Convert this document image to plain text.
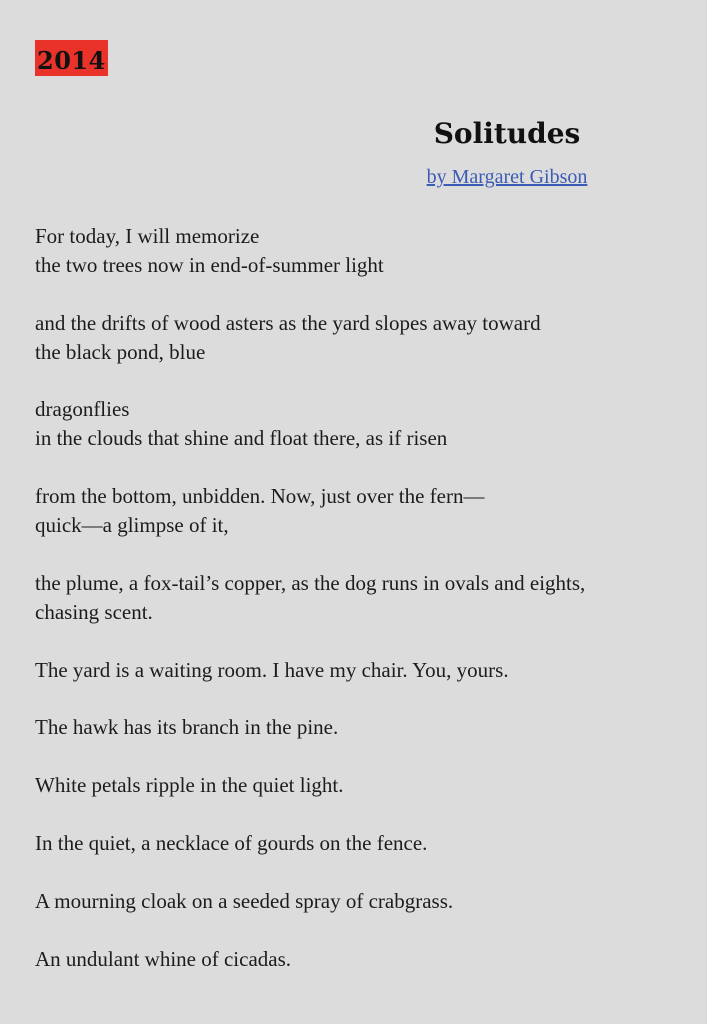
2014
Solitudes
by Margaret Gibson
For today, I will memorize
the two trees now in end-of-summer light
and the drifts of wood asters as the yard slopes away toward
the black pond, blue
dragonflies
in the clouds that shine and float there, as if risen
from the bottom, unbidden. Now, just over the fern—
quick—a glimpse of it,
the plume, a fox-tail’s copper, as the dog runs in ovals and eights,
chasing scent.
The yard is a waiting room. I have my chair. You, yours.
The hawk has its branch in the pine.
White petals ripple in the quiet light.
In the quiet, a necklace of gourds on the fence.
A mourning cloak on a seeded spray of crabgrass.
An undulant whine of cicadas.
